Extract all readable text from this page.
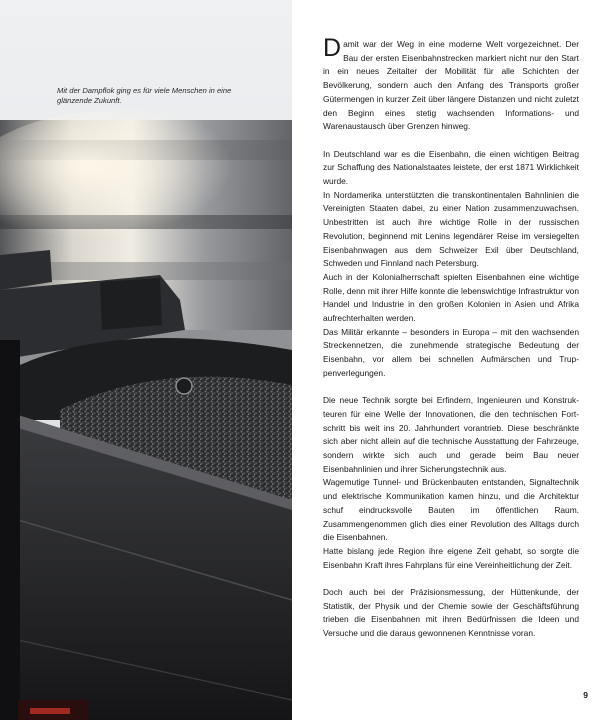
Mit der Dampflok ging es für viele Menschen in eine glänzende Zukunft.

Damit war der Weg in eine moderne Welt vorgezeichnet. Der Bau der ersten Eisenbahnstrecken markiert nicht nur den Start in ein neues Zeitalter der Mobilität für alle Schichten der Bevölkerung, sondern auch den Anfang des Transports großer Gütermengen in kurzer Zeit über längere Distanzen und nicht zuletzt den Beginn eines stetig wachsenden Informations- und Warenaustausch über Grenzen hinweg.

In Deutschland war es die Eisenbahn, die einen wichtigen Beitrag zur Schaffung des Nationalstaates leistete, der erst 1871 Wirklichkeit wurde.

In Nordamerika unterstützten die transkontinentalen Bahnlinien die Vereinigten Staaten dabei, zu einer Nation zusammenzuwachsen. Unbestritten ist auch ihre wichtige Rolle in der russischen Revolution, beginnend mit Lenins legendärer Reise im versiegelten Eisenbahnwagen aus dem Schweizer Exil über Deutschland, Schweden und Finnland nach Petersburg.

Auch in der Kolonialherrschaft spielten Eisenbahnen eine wichtige Rolle, denn mit ihrer Hilfe konnte die lebenswichtige Infrastruktur von Handel und Industrie in den großen Kolonien in Asien und Afrika aufrechterhalten werden.

Das Militär erkannte – besonders in Europa – mit den wachsenden Streckennetzen, die zunehmende strategische Bedeutung der Eisenbahn, vor allem bei schnellen Aufmärschen und Truppenverlegungen.

Die neue Technik sorgte bei Erfindern, Ingenieuren und Konstrukteuren für eine Welle der Innovationen, die den technischen Fortschritt bis weit ins 20. Jahrhundert vorantrieb. Diese beschränkte sich aber nicht allein auf die technische Ausstattung der Fahrzeuge, sondern wirkte sich auch und gerade beim Bau neuer Eisenbahnlinien und ihrer Sicherungstechnik aus.

Wagemutige Tunnel- und Brückenbauten entstanden, Signaltechnik und elektrische Kommunikation kamen hinzu, und die Architektur schuf eindrucksvolle Bauten im öffentlichen Raum. Zusammengenommen glich dies einer Revolution des Alltags durch die Eisenbahnen.

Hatte bislang jede Region ihre eigene Zeit gehabt, so sorgte die Eisenbahn Kraft ihres Fahrplans für eine Vereinheitlichung der Zeit.

Doch auch bei der Präzisionsmessung, der Hüttenkunde, der Statistik, der Physik und der Chemie sowie der Geschäftsführung trieben die Eisenbahnen mit ihren Bedürfnissen die Ideen und Versuche und die daraus gewonnenen Kenntnisse voran.

9
